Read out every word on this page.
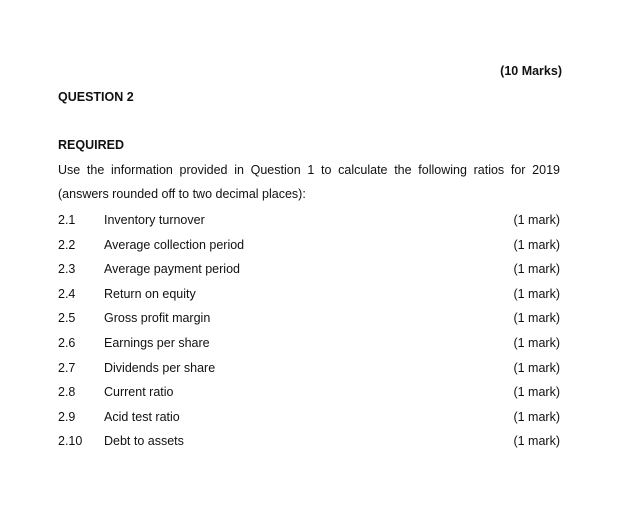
(10 Marks)
QUESTION 2
REQUIRED
Use the information provided in Question 1 to calculate the following ratios for 2019
(answers rounded off to two decimal places):
2.1 Inventory turnover	(1 mark)
2.2 Average collection period	(1 mark)
2.3 Average payment period	(1 mark)
2.4 Return on equity	(1 mark)
2.5 Gross profit margin	(1 mark)
2.6 Earnings per share	(1 mark)
2.7 Dividends per share	(1 mark)
2.8 Current ratio	(1 mark)
2.9 Acid test ratio	(1 mark)
2.10 Debt to assets	(1 mark)
